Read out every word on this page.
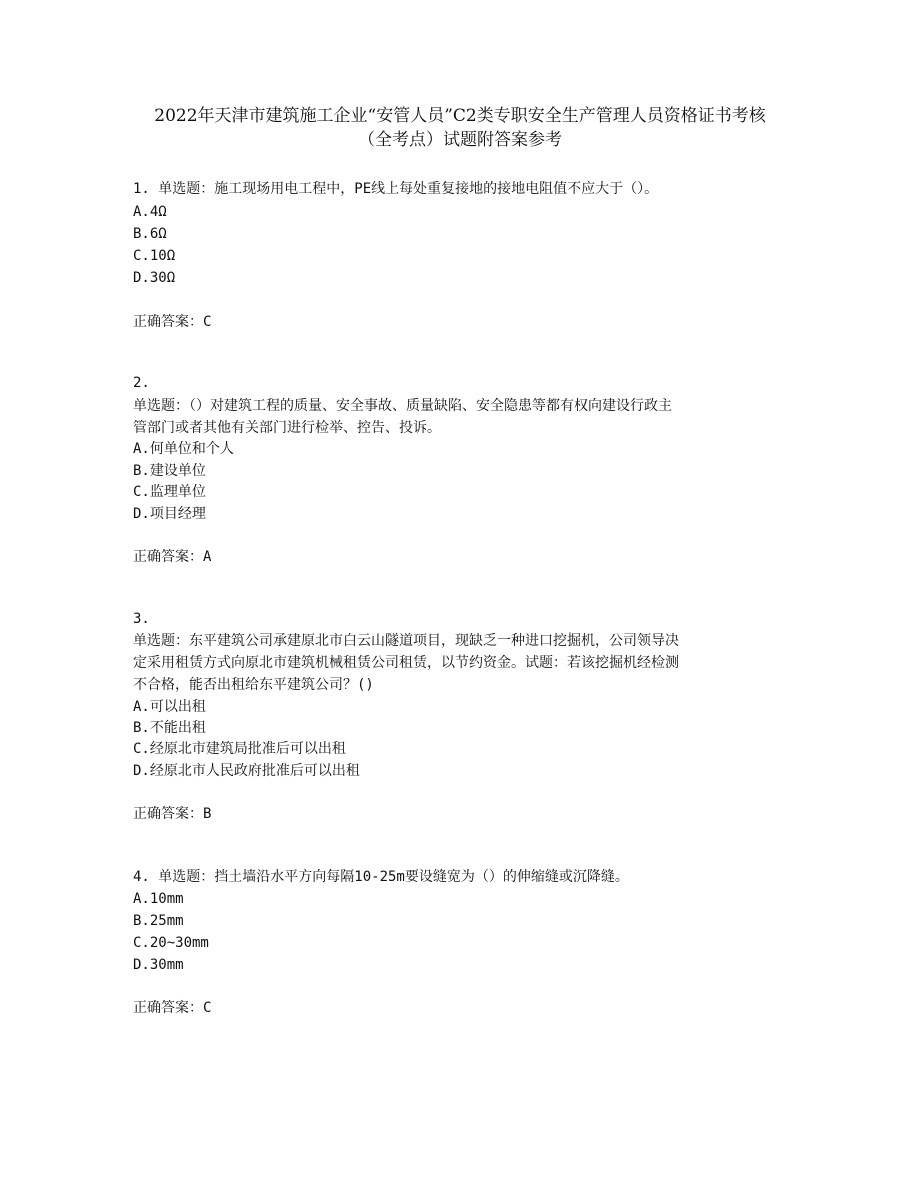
2022年天津市建筑施工企业“安管人员”C2类专职安全生产管理人员资格证书考核
（全考点）试题附答案参考
1. 单选题：施工现场用电工程中，PE线上每处重复接地的接地电阻值不应大于（）。
A.4Ω
B.6Ω
C.10Ω
D.30Ω
正确答案：C
2.
单选题：（）对建筑工程的质量、安全事故、质量缺陷、安全隐患等都有权向建设行政主
管部门或者其他有关部门进行检举、控告、投诉。
A.何单位和个人
B.建设单位
C.监理单位
D.项目经理
正确答案：A
3.
单选题：东平建筑公司承建原北市白云山隧道项目，现缺乏一种进口挖掘机，公司领导决
定采用租赁方式向原北市建筑机械租赁公司租赁，以节约资金。试题：若该挖掘机经检测
不合格，能否出租给东平建筑公司？()
A.可以出租
B.不能出租
C.经原北市建筑局批准后可以出租
D.经原北市人民政府批准后可以出租
正确答案：B
4. 单选题：挡土墙沿水平方向每隔10-25m要设缝宽为（）的伸缩缝或沉降缝。
A.10mm
B.25mm
C.20~30mm
D.30mm
正确答案：C
